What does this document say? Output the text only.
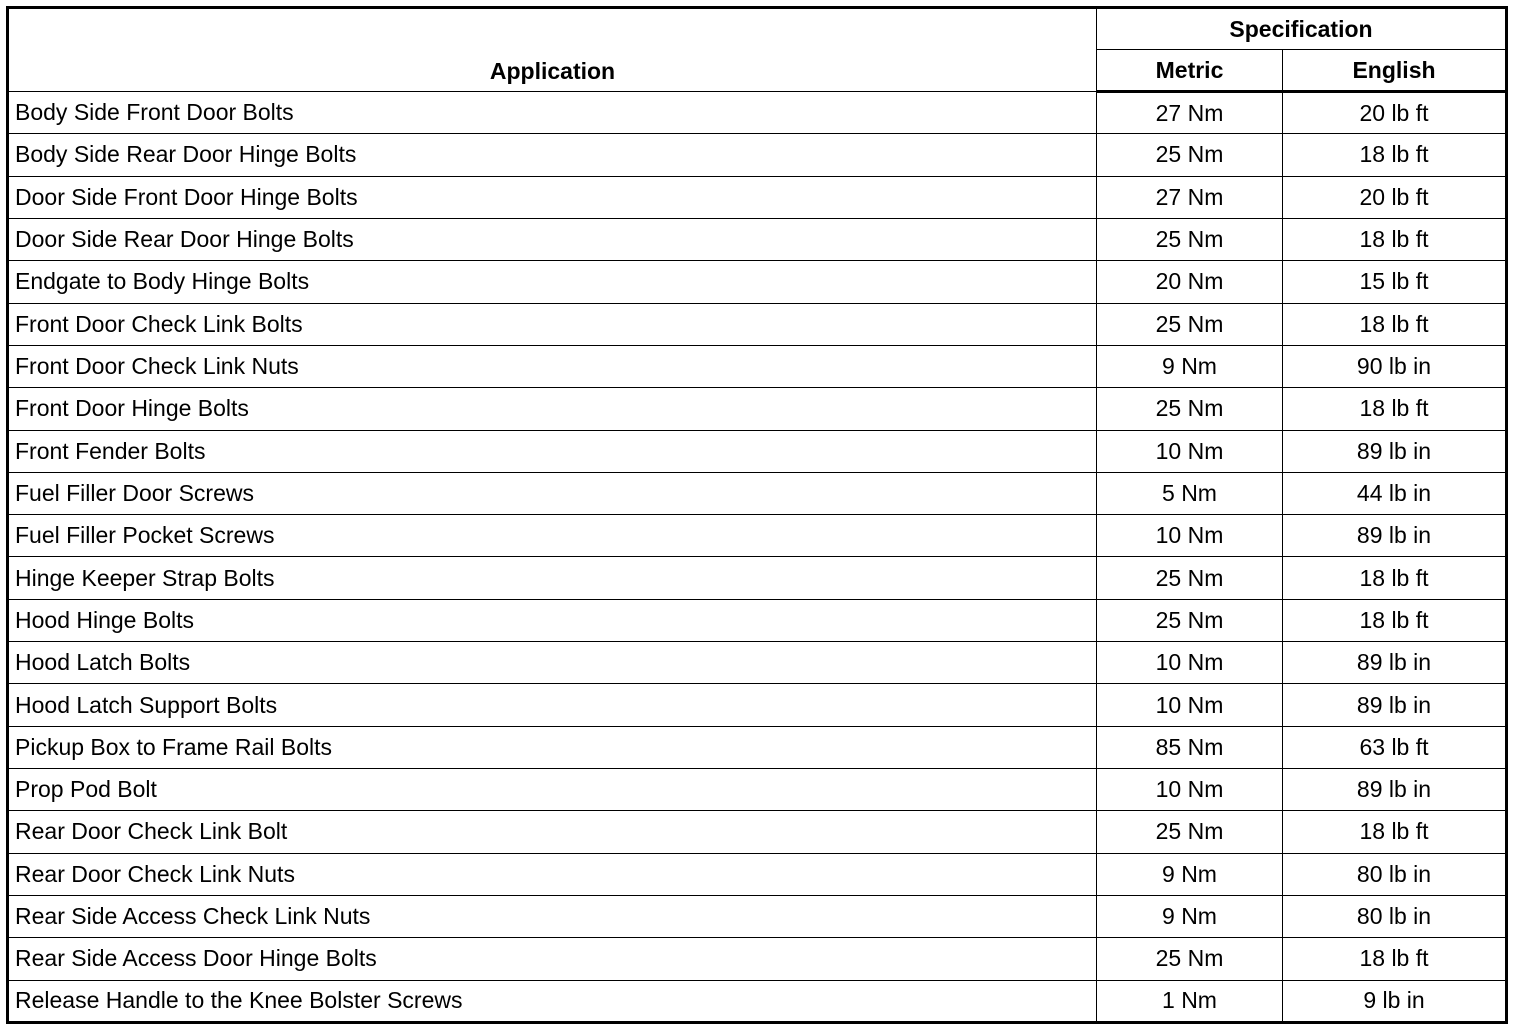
Application	Specification	
	Metric	English
Body Side Front Door Bolts	27 Nm	20 lb ft
Body Side Rear Door Hinge Bolts	25 Nm	18 lb ft
Door Side Front Door Hinge Bolts	27 Nm	20 lb ft
Door Side Rear Door Hinge Bolts	25 Nm	18 lb ft
Endgate to Body Hinge Bolts	20 Nm	15 lb ft
Front Door Check Link Bolts	25 Nm	18 lb ft
Front Door Check Link Nuts	9 Nm	90 lb in
Front Door Hinge Bolts	25 Nm	18 lb ft
Front Fender Bolts	10 Nm	89 lb in
Fuel Filler Door Screws	5 Nm	44 lb in
Fuel Filler Pocket Screws	10 Nm	89 lb in
Hinge Keeper Strap Bolts	25 Nm	18 lb ft
Hood Hinge Bolts	25 Nm	18 lb ft
Hood Latch Bolts	10 Nm	89 lb in
Hood Latch Support Bolts	10 Nm	89 lb in
Pickup Box to Frame Rail Bolts	85 Nm	63 lb ft
Prop Pod Bolt	10 Nm	89 lb in
Rear Door Check Link Bolt	25 Nm	18 lb ft
Rear Door Check Link Nuts	9 Nm	80 lb in
Rear Side Access Check Link Nuts	9 Nm	80 lb in
Rear Side Access Door Hinge Bolts	25 Nm	18 lb ft
Release Handle to the Knee Bolster Screws	1 Nm	9 lb in
